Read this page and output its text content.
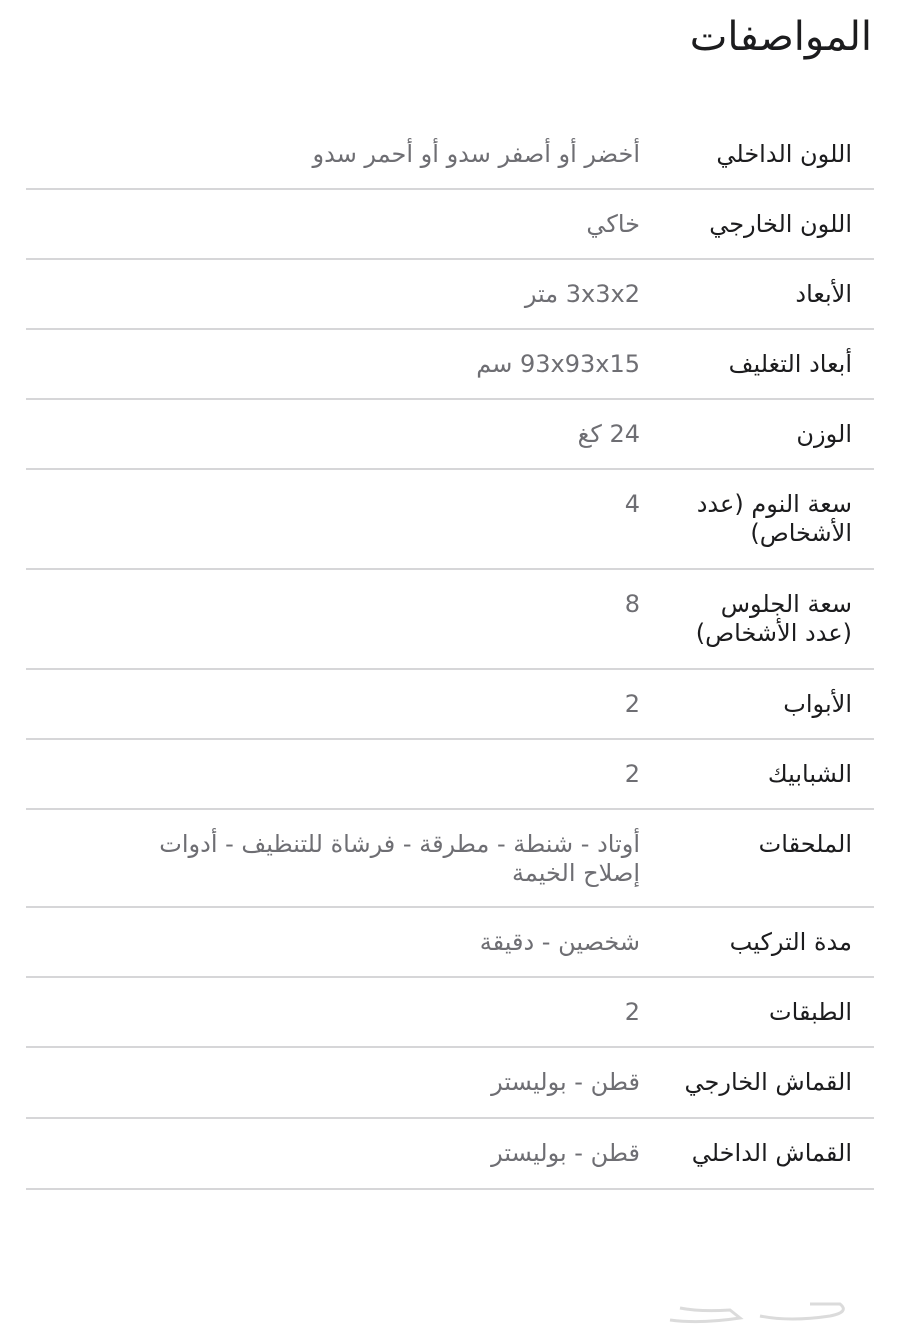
المواصفات
اللون الداخلي
أخضر أو أصفر سدو أو أحمر سدو
اللون الخارجي
خاكي
الأبعاد
3x3x2 متر
أبعاد التغليف
93x93x15 سم
الوزن
24 كغ
سعة النوم (عدد الأشخاص)
4
سعة الجلوس (عدد الأشخاص)
8
الأبواب
2
الشبابيك
2
الملحقات
أوتاد - شنطة - مطرقة - فرشاة للتنظيف - أدوات إصلاح الخيمة
مدة التركيب
شخصين - دقيقة
الطبقات
2
القماش الخارجي
قطن - بوليستر
القماش الداخلي
قطن - بوليستر
